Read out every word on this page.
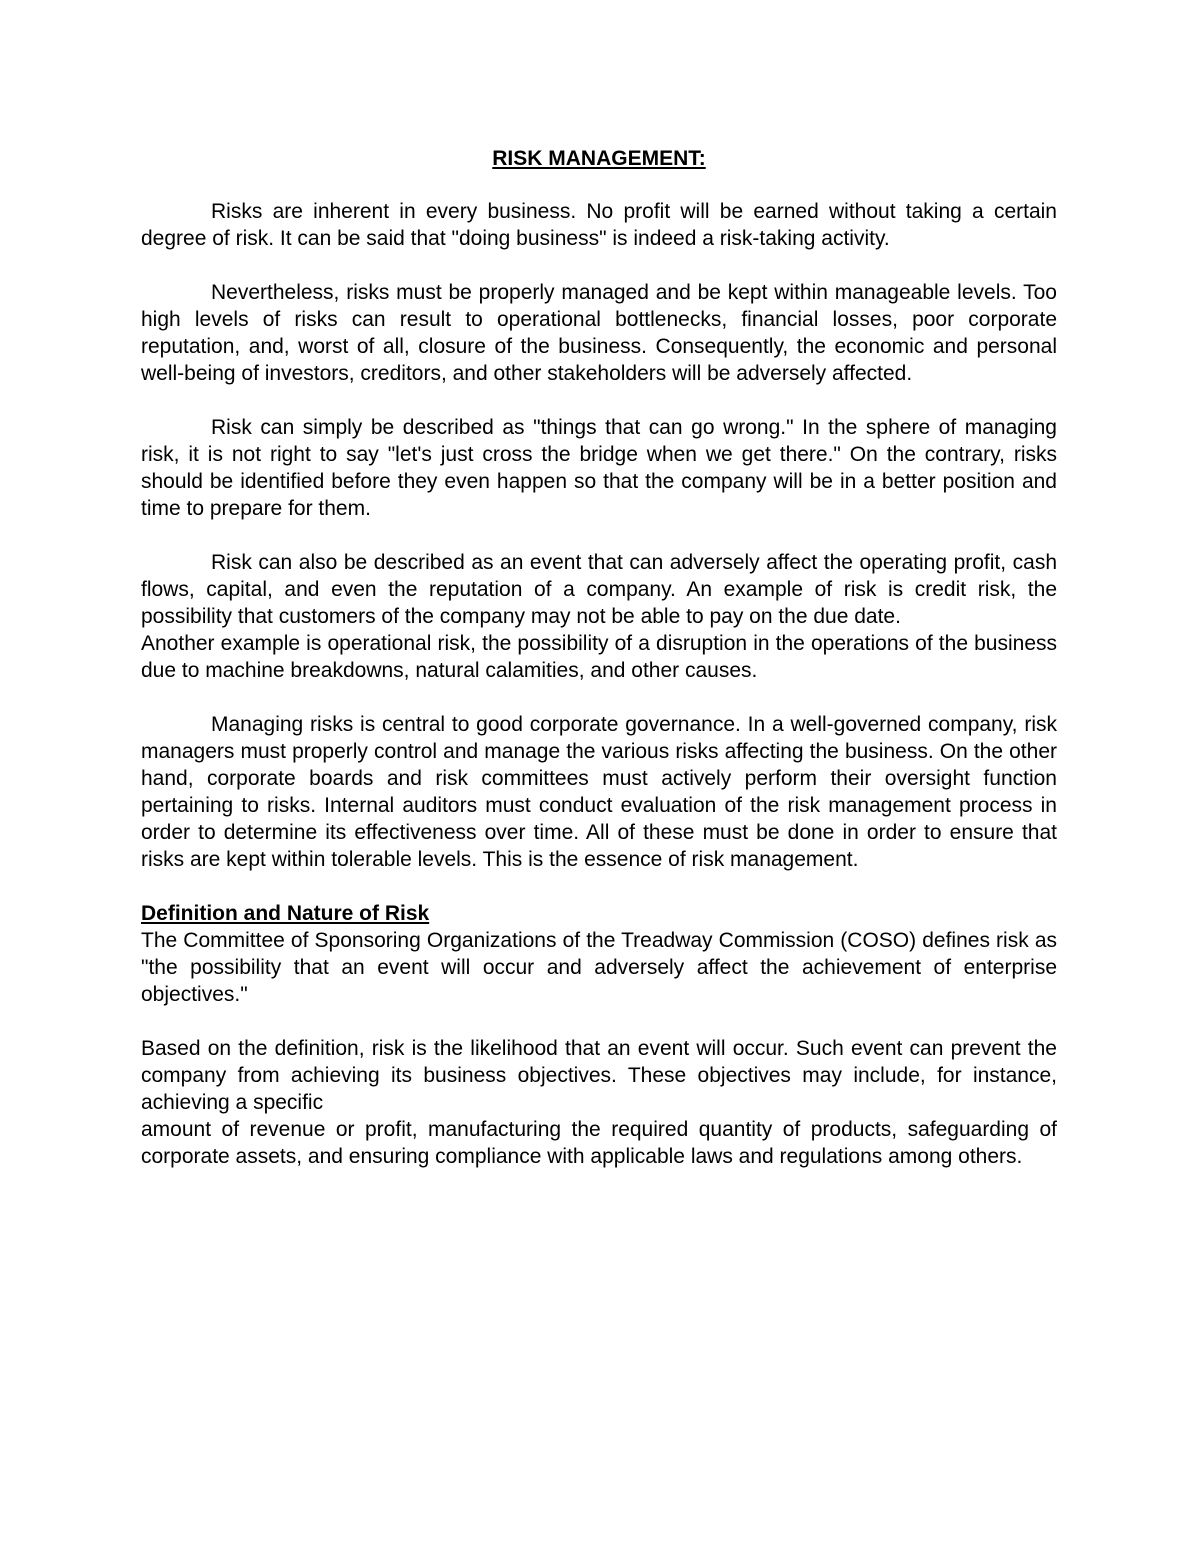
RISK MANAGEMENT:

Risks are inherent in every business. No profit will be earned without taking a certain degree of risk. It can be said that "doing business" is indeed a risk-taking activity.

Nevertheless, risks must be properly managed and be kept within manageable levels. Too high levels of risks can result to operational bottlenecks, financial losses, poor corporate reputation, and, worst of all, closure of the business. Consequently, the economic and personal well-being of investors, creditors, and other stakeholders will be adversely affected.

Risk can simply be described as "things that can go wrong." In the sphere of managing risk, it is not right to say "let's just cross the bridge when we get there." On the contrary, risks should be identified before they even happen so that the company will be in a better position and time to prepare for them.

Risk can also be described as an event that can adversely affect the operating profit, cash flows, capital, and even the reputation of a company. An example of risk is credit risk, the possibility that customers of the company may not be able to pay on the due date.

Another example is operational risk, the possibility of a disruption in the operations of the business due to machine breakdowns, natural calamities, and other causes.

Managing risks is central to good corporate governance. In a well-governed company, risk managers must properly control and manage the various risks affecting the business. On the other hand, corporate boards and risk committees must actively perform their oversight function pertaining to risks. Internal auditors must conduct evaluation of the risk management process in order to determine its effectiveness over time. All of these must be done in order to ensure that risks are kept within tolerable levels. This is the essence of risk management.

Definition and Nature of Risk

The Committee of Sponsoring Organizations of the Treadway Commission (COSO) defines risk as "the possibility that an event will occur and adversely affect the achievement of enterprise objectives."

Based on the definition, risk is the likelihood that an event will occur. Such event can prevent the company from achieving its business objectives. These objectives may include, for instance, achieving a specific

amount of revenue or profit, manufacturing the required quantity of products, safeguarding of corporate assets, and ensuring compliance with applicable laws and regulations among others.
